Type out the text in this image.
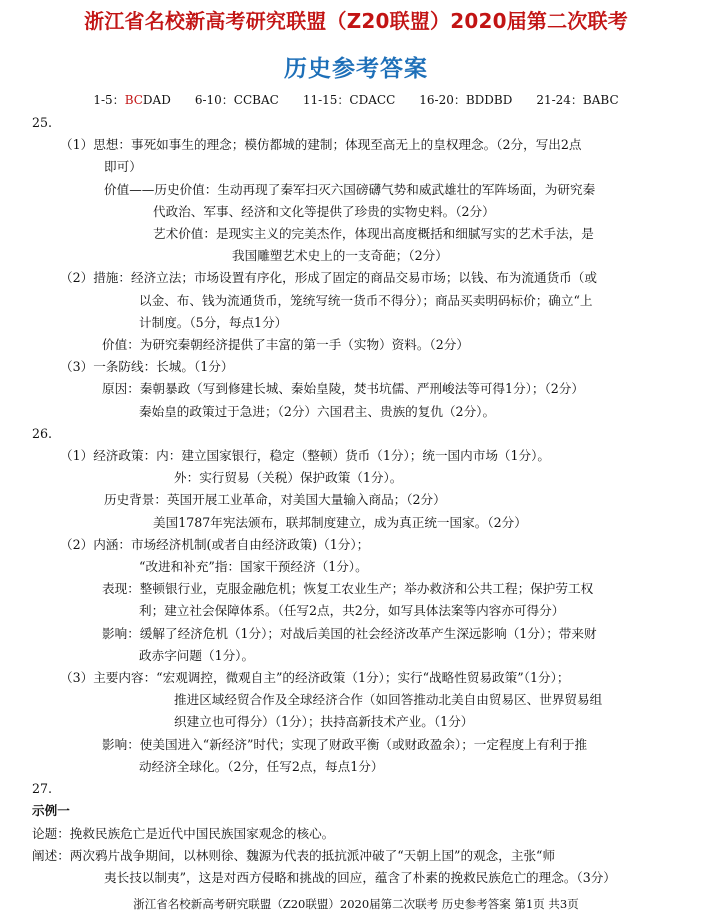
浙江省名校新高考研究联盟（Z20联盟）2020届第二次联考
历史参考答案
1-5：BCDAD　　6-10：CCBAC　　11-15：CDACC　　16-20：BDDBD　　21-24：BABC

25.

（1）思想：事死如事生的理念；模仿都城的建制；体现至高无上的皇权理念。（2分，写出2点

即可）

价值——历史价值：生动再现了秦军扫灭六国磅礴气势和威武雄壮的军阵场面，为研究秦

代政治、军事、经济和文化等提供了珍贵的实物史料。（2分）

艺术价值：是现实主义的完美杰作，体现出高度概括和细腻写实的艺术手法，是

我国雕塑艺术史上的一支奇葩；（2分）

（2）措施：经济立法；市场设置有序化，形成了固定的商品交易市场；以钱、布为流通货币（或

以金、布、钱为流通货币，笼统写统一货币不得分）；商品买卖明码标价；确立“上

计制度。（5分，每点1分）

价值：为研究秦朝经济提供了丰富的第一手（实物）资料。（2分）

（3）一条防线：长城。（1分）

原因：秦朝暴政（写到修建长城、秦始皇陵，焚书坑儒、严刑峻法等可得1分）；（2分）

秦始皇的政策过于急进；（2分）六国君主、贵族的复仇（2分）。

26.

（1）经济政策：内：建立国家银行，稳定（整顿）货币（1分）；统一国内市场（1分）。

外：实行贸易（关税）保护政策（1分）。

历史背景：英国开展工业革命，对美国大量输入商品；（2分）

美国1787年宪法颁布，联邦制度建立，成为真正统一国家。（2分）

（2）内涵：市场经济机制(或者自由经济政策)（1分）；

“改进和补充”指：国家干预经济（1分）。

表现：整顿银行业，克服金融危机；恢复工农业生产；举办救济和公共工程；保护劳工权

利；建立社会保障体系。（任写2点，共2分，如写具体法案等内容亦可得分）

影响：缓解了经济危机（1分）；对战后美国的社会经济改革产生深远影响（1分）；带来财

政赤字问题（1分）。

（3）主要内容：“宏观调控，微观自主”的经济政策（1分）；实行“战略性贸易政策”（1分）；

推进区域经贸合作及全球经济合作（如回答推动北美自由贸易区、世界贸易组

织建立也可得分）（1分）；扶持高新技术产业。（1分）

影响：使美国进入“新经济”时代；实现了财政平衡（或财政盈余）；一定程度上有利于推

动经济全球化。（2分，任写2点，每点1分）

27.

示例一

论题：挽救民族危亡是近代中国民族国家观念的核心。

阐述：两次鸦片战争期间，以林则徐、魏源为代表的抵抗派冲破了“天朝上国”的观念，主张“师

夷长技以制夷”，这是对西方侵略和挑战的回应，蕴含了朴素的挽救民族危亡的理念。（3分）

浙江省名校新高考研究联盟（Z20联盟）2020届第二次联考 历史参考答案 第1页 共3页
